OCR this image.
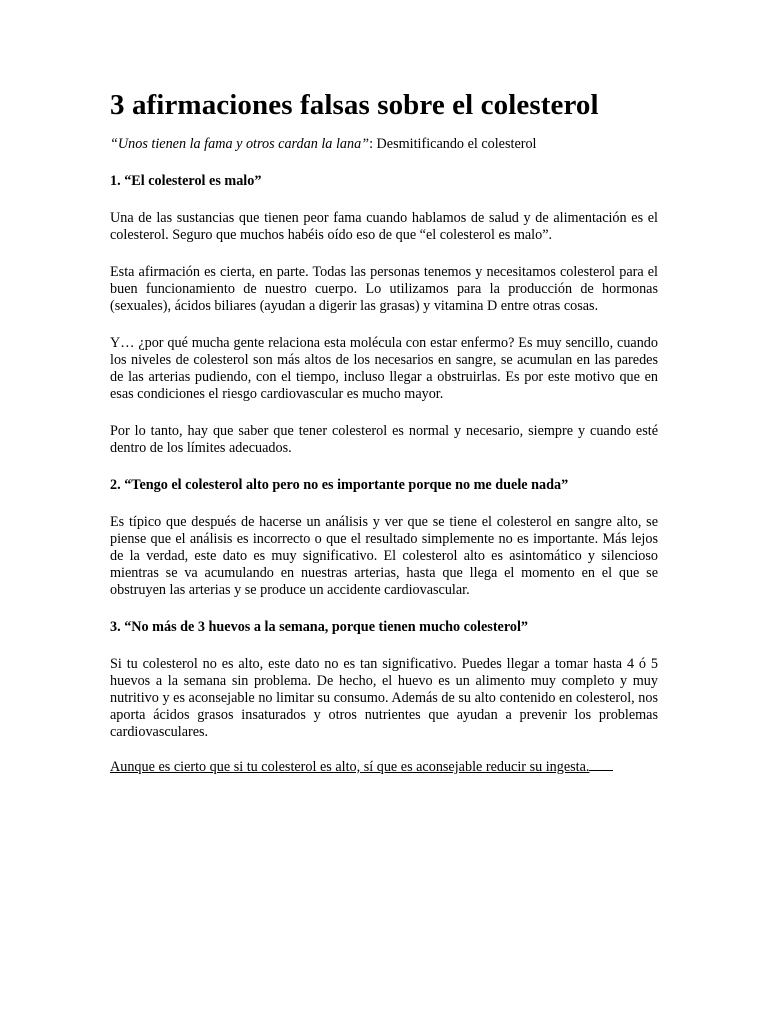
3 afirmaciones falsas sobre el colesterol

“Unos tienen la fama y otros cardan la lana”: Desmitificando el colesterol

1. “El colesterol es malo”

Una de las sustancias que tienen peor fama cuando hablamos de salud y de alimentación es el colesterol. Seguro que muchos habéis oído eso de que “el colesterol es malo”.

Esta afirmación es cierta, en parte. Todas las personas tenemos y necesitamos colesterol para el buen funcionamiento de nuestro cuerpo. Lo utilizamos para la producción de hormonas (sexuales), ácidos biliares (ayudan a digerir las grasas) y vitamina D entre otras cosas.

Y… ¿por qué mucha gente relaciona esta molécula con estar enfermo? Es muy sencillo, cuando los niveles de colesterol son más altos de los necesarios en sangre, se acumulan en las paredes de las arterias pudiendo, con el tiempo, incluso llegar a obstruirlas. Es por este motivo que en esas condiciones el riesgo cardiovascular es mucho mayor.

Por lo tanto, hay que saber que tener colesterol es normal y necesario, siempre y cuando esté dentro de los límites adecuados.

2. “Tengo el colesterol alto pero no es importante porque no me duele nada”

Es típico que después de hacerse un análisis y ver que se tiene el colesterol en sangre alto, se piense que el análisis es incorrecto o que el resultado simplemente no es importante. Más lejos de la verdad, este dato es muy significativo. El colesterol alto es asintomático y silencioso mientras se va acumulando en nuestras arterias, hasta que llega el momento en el que se obstruyen las arterias y se produce un accidente cardiovascular.

3. “No más de 3 huevos a la semana, porque tienen mucho colesterol”

Si tu colesterol no es alto, este dato no es tan significativo. Puedes llegar a tomar hasta 4 ó 5 huevos a la semana sin problema. De hecho, el huevo es un alimento muy completo y muy nutritivo y es aconsejable no limitar su consumo. Además de su alto contenido en colesterol, nos aporta ácidos grasos insaturados y otros nutrientes que ayudan a prevenir los problemas cardiovasculares.

Aunque es cierto que si tu colesterol es alto, sí que es aconsejable reducir su ingesta.
